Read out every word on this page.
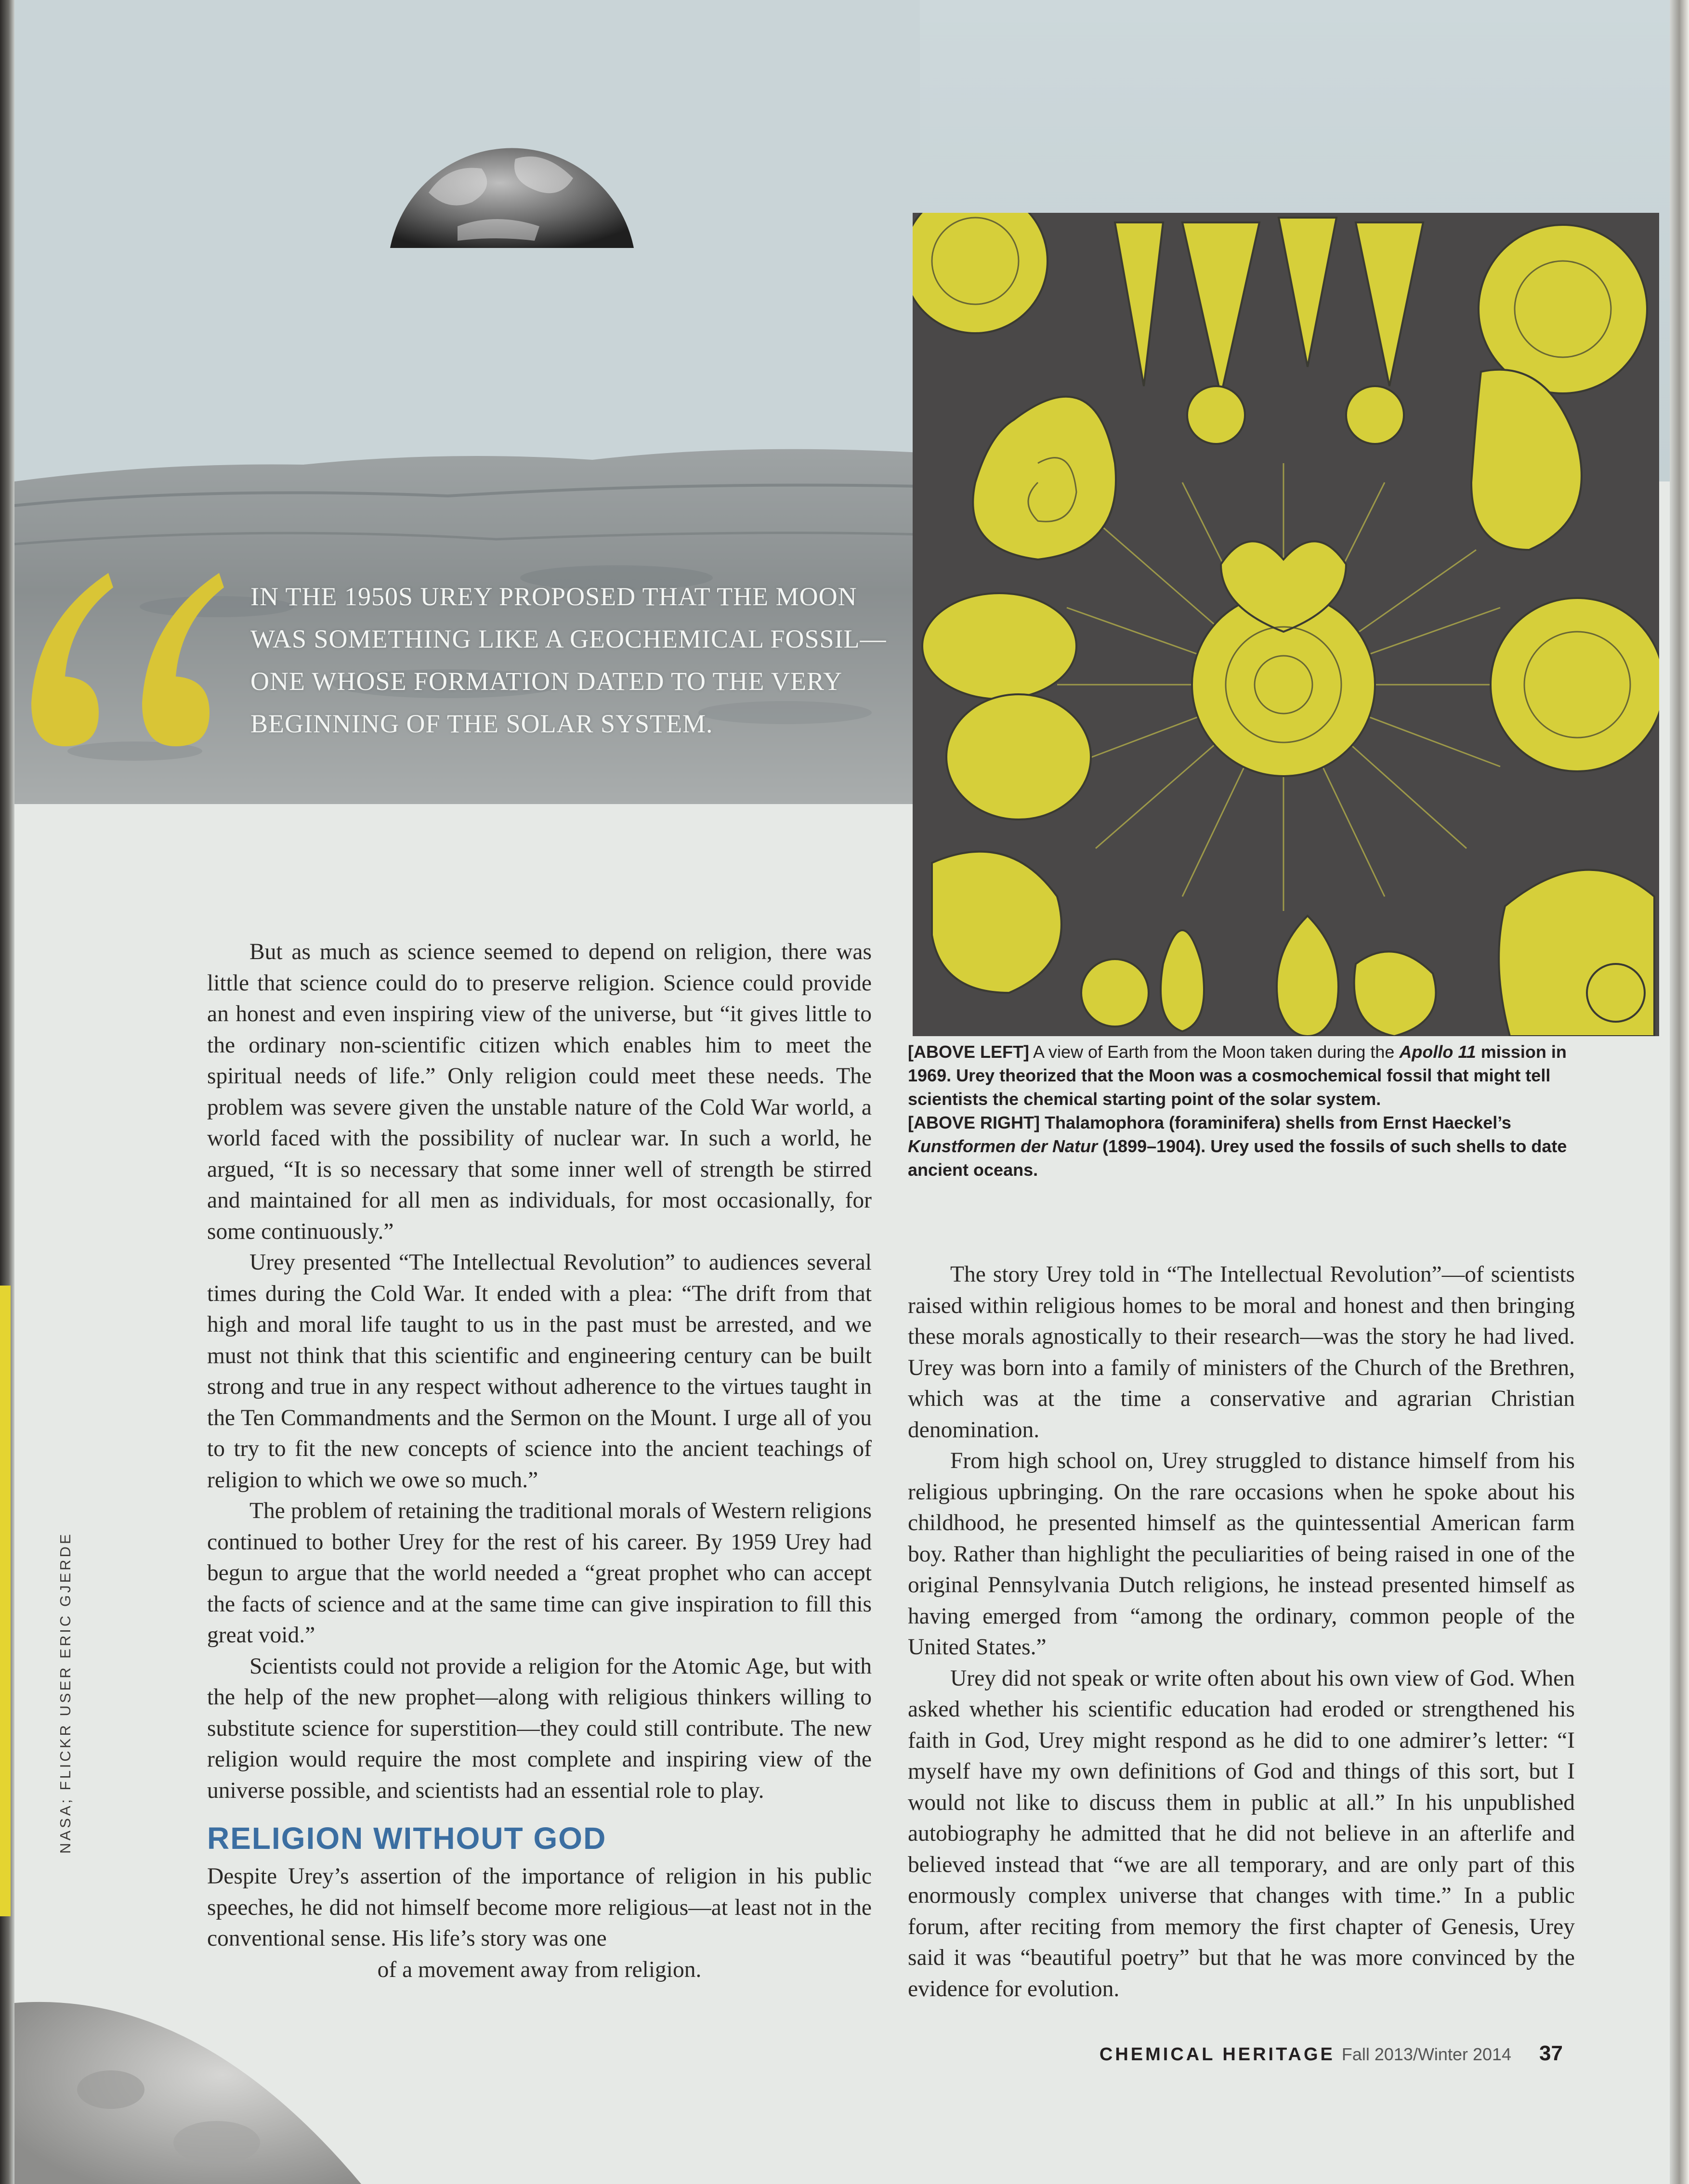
IN THE 1950S UREY PROPOSED THAT THE MOON
WAS SOMETHING LIKE A GEOCHEMICAL FOSSIL—
ONE WHOSE FORMATION DATED TO THE VERY
BEGINNING OF THE SOLAR SYSTEM.
[ABOVE LEFT] A view of Earth from the Moon taken during the Apollo 11 mission in 1969. Urey theorized that the Moon was a cosmochemical fossil that might tell scientists the chemical starting point of the solar system.
[ABOVE RIGHT] Thalamophora (foraminifera) shells from Ernst Haeckel’s Kunstformen der Natur (1899–1904). Urey used the fossils of such shells to date ancient oceans.

But as much as science seemed to depend on religion, there was little that science could do to preserve religion. Science could provide an honest and even inspiring view of the universe, but “it gives little to the ordinary non-scientific citizen which enables him to meet the spiritual needs of life.” Only religion could meet these needs. The problem was severe given the unstable nature of the Cold War world, a world faced with the possibility of nuclear war. In such a world, he argued, “It is so necessary that some inner well of strength be stirred and maintained for all men as individuals, for most occasionally, for some continuously.”

Urey presented “The Intellectual Revolution” to audiences several times during the Cold War. It ended with a plea: “The drift from that high and moral life taught to us in the past must be arrested, and we must not think that this scientific and engineering century can be built strong and true in any respect without adherence to the virtues taught in the Ten Commandments and the Sermon on the Mount. I urge all of you to try to fit the new concepts of science into the ancient teachings of religion to which we owe so much.”

The problem of retaining the traditional morals of Western religions continued to bother Urey for the rest of his career. By 1959 Urey had begun to argue that the world needed a “great prophet who can accept the facts of science and at the same time can give inspiration to fill this great void.”

Scientists could not provide a religion for the Atomic Age, but with the help of the new prophet—along with religious thinkers willing to substitute science for superstition—they could still contribute. The new religion would require the most complete and inspiring view of the universe possible, and scientists had an essential role to play.

RELIGION WITHOUT GOD

Despite Urey’s assertion of the importance of religion in his public speeches, he did not himself become more religious—at least not in the conventional sense. His life’s story was one

of a movement away from religion.

The story Urey told in “The Intellectual Revolution”—of scientists raised within religious homes to be moral and honest and then bringing these morals agnostically to their research—was the story he had lived. Urey was born into a family of ministers of the Church of the Brethren, which was at the time a conservative and agrarian Christian denomination.

From high school on, Urey struggled to distance himself from his religious upbringing. On the rare occasions when he spoke about his childhood, he presented himself as the quintessential American farm boy. Rather than highlight the peculiarities of being raised in one of the original Pennsylvania Dutch religions, he instead presented himself as having emerged from “among the ordinary, common people of the United States.”

Urey did not speak or write often about his own view of God. When asked whether his scientific education had eroded or strengthened his faith in God, Urey might respond as he did to one admirer’s letter: “I myself have my own definitions of God and things of this sort, but I would not like to discuss them in public at all.” In his unpublished autobiography he admitted that he did not believe in an afterlife and believed instead that “we are all temporary, and are only part of this enormously complex universe that changes with time.” In a public forum, after reciting from memory the first chapter of Genesis, Urey said it was “beautiful poetry” but that he was more convinced by the evidence for evolution.

NASA; FLICKR USER ERIC GJERDE
CHEMICAL HERITAGE Fall 2013/Winter 2014 37
